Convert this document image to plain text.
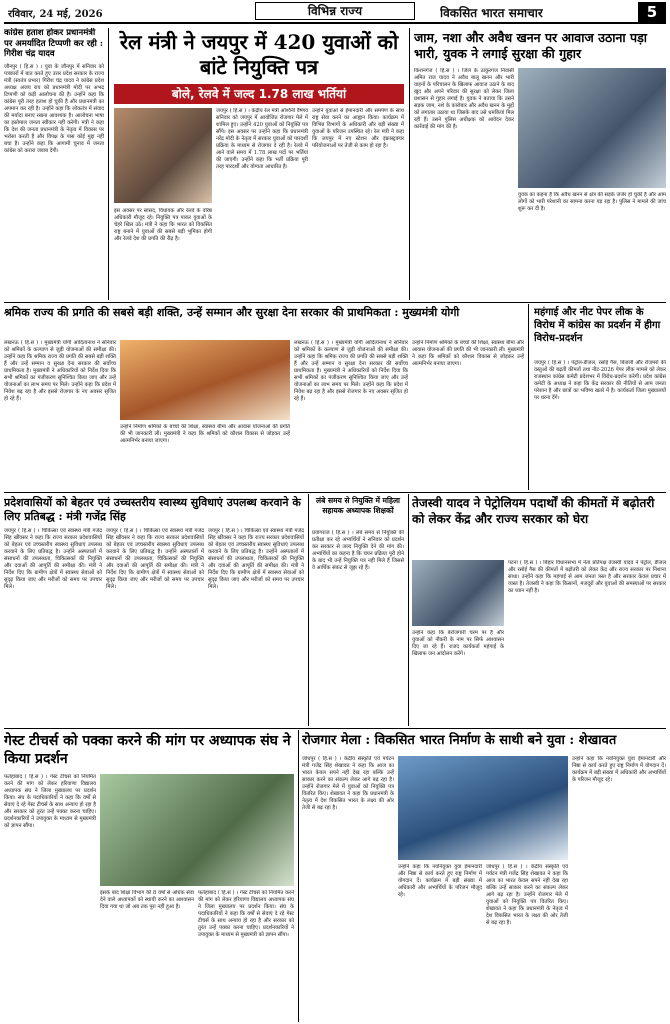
रविवार, 24 मई, 2026	विभिन्न राज्य	विकसित भारत समाचार	5
कांग्रेस हताश होकर प्रधानमंत्री पर अमर्यादित टिप्पणी कर रही : गिरीश चंद्र यादव
जौनपुर ( हि.स ) । युवा के जौनपुर में सनिवार को पत्रकारों में बात करते हुए उत्तर प्रदेश सरकार के राज्य मंत्री (स्वतंत्र प्रभार) गिरीश चंद्र यादव ने कांग्रेस प्रदेश अध्यक्ष अजय राय को प्रधानमंत्री मोदी पर अभद्र टिप्पणी को कड़ी आलोचना की है। उन्होंने कहा कि कांग्रेस पूरी तरह हताश हो चुकी है और प्रधानमंत्री का अपमान कर रही है। उन्होंने कहा कि लोकतंत्र में संवाद की मर्यादा बनाए रखना आवश्यक है। आलोचना भाषा का इस्तेमाल जनता स्वीकार नहीं करेगी। मंत्री ने कहा कि देश की जनता प्रधानमंत्री के नेतृत्व में विकास पर भरोसा करती है और विपक्ष के पास कोई मुद्दा नहीं बचा है। उन्होंने कहा कि आगामी चुनाव में जनता कांग्रेस को करारा जवाब देगी।
रेल मंत्री ने जयपुर में 420 युवाओं को बांटे नियुक्ति पत्र
बोले, रेलवे में जल्द 1.78 लाख भर्तियां
जयपुर ( हि.स ) । केंद्रीय रेल मंत्री अश्विनी वैष्णव सनिवार को जयपुर में आयोजित रोजगार मेले में शामिल हुए। उन्होंने 420 युवाओं को नियुक्ति पत्र सौंपे। इस अवसर पर उन्होंने कहा कि प्रधानमंत्री नरेंद्र मोदी के नेतृत्व में सरकार युवाओं को पारदर्शी प्रक्रिया के माध्यम से रोजगार दे रही है। रेलवे में आने वाले समय में 1.78 लाख पदों पर भर्तियां की जाएंगी। उन्होंने कहा कि भर्ती प्रक्रिया पूरी तरह पारदर्शी और योग्यता आधारित है।
उन्होंने युवाओं से ईमानदारी और समर्पण के साथ राष्ट्र सेवा करने का आह्वान किया। कार्यक्रम में विभिन्न विभागों के अधिकारी और बड़ी संख्या में युवाओं के परिजन उपस्थित रहे। रेल मंत्री ने कहा कि जयपुर में नए स्टेशन और इंफ्रास्ट्रक्चर परियोजनाओं पर तेजी से काम हो रहा है।
इस अवसर पर सांसद, विधायक और रेलवे के वरिष्ठ अधिकारी मौजूद रहे। नियुक्ति पत्र पाकर युवाओं के चेहरे खिल उठे। मंत्री ने कहा कि भारत को विकसित राष्ट्र बनाने में युवाओं की सबसे बड़ी भूमिका होगी और रेलवे देश की प्रगति की रीढ़ है।
जाम, नशा और अवैध खनन पर आवाज उठाना पड़ा भारी, युवक ने लगाई सुरक्षा की गुहार
किशनगंज ( हि.स ) । जिले के ठाकुरगंज निवासी अमित राज यादव ने अवैध बालू खनन और भारी वाहनों के परिचालन के खिलाफ आवाज उठाने के बाद खुद और अपने परिवार की सुरक्षा को लेकर जिला प्रशासन से गुहार लगाई है। युवक ने बताया कि उसने सड़क जाम, नशे के कारोबार और अवैध खनन के मुद्दों को लगातार उठाया था जिसके बाद उसे धमकियां मिल रही हैं। उसने पुलिस अधीक्षक को आवेदन देकर कार्रवाई की मांग की है।
युवक का कहना है कि अवैध खनन से क्षेत्र की सड़कें जर्जर हो चुकी हैं और आम लोगों को भारी परेशानी का सामना करना पड़ रहा है। पुलिस ने मामले की जांच शुरू कर दी है।
श्रमिक राज्य की प्रगति की सबसे बड़ी शक्ति, उन्हें सम्मान और सुरक्षा देना सरकार की प्राथमिकता : मुख्यमंत्री योगी
लखनऊ ( हि.स ) । मुख्यमंत्री योगी आदित्यनाथ ने सनिवार को श्रमिकों के कल्याण से जुड़ी योजनाओं की समीक्षा की। उन्होंने कहा कि श्रमिक राज्य की प्रगति की सबसे बड़ी शक्ति हैं और उन्हें सम्मान व सुरक्षा देना सरकार की सर्वोच्च प्राथमिकता है। मुख्यमंत्री ने अधिकारियों को निर्देश दिया कि सभी श्रमिकों का पंजीकरण सुनिश्चित किया जाए और उन्हें योजनाओं का लाभ समय पर मिले। उन्होंने कहा कि प्रदेश में निवेश बढ़ रहा है और इससे रोजगार के नए अवसर सृजित हो रहे हैं।
उन्होंने निर्माण श्रमिकों के बच्चों की शिक्षा, स्वास्थ्य बीमा और आवास योजनाओं की प्रगति की भी जानकारी ली। मुख्यमंत्री ने कहा कि श्रमिकों को कौशल विकास से जोड़कर उन्हें आत्मनिर्भर बनाया जाएगा।
लखनऊ ( हि.स ) । मुख्यमंत्री योगी आदित्यनाथ ने सनिवार को श्रमिकों के कल्याण से जुड़ी योजनाओं की समीक्षा की। उन्होंने कहा कि श्रमिक राज्य की प्रगति की सबसे बड़ी शक्ति हैं और उन्हें सम्मान व सुरक्षा देना सरकार की सर्वोच्च प्राथमिकता है। मुख्यमंत्री ने अधिकारियों को निर्देश दिया कि सभी श्रमिकों का पंजीकरण सुनिश्चित किया जाए और उन्हें योजनाओं का लाभ समय पर मिले। उन्होंने कहा कि प्रदेश में निवेश बढ़ रहा है और इससे रोजगार के नए अवसर सृजित हो रहे हैं।
उन्होंने निर्माण श्रमिकों के बच्चों की शिक्षा, स्वास्थ्य बीमा और आवास योजनाओं की प्रगति की भी जानकारी ली। मुख्यमंत्री ने कहा कि श्रमिकों को कौशल विकास से जोड़कर उन्हें आत्मनिर्भर बनाया जाएगा।
महंगाई और नीट पेपर लीक के विरोध में कांग्रेस का प्रदर्शन में हीगा विरोध-प्रदर्शन
जयपुर ( हि.स ) । पेट्रोल-डीजल, रसोई गैस, बिजली और रोजमर्रा की वस्तुओं की बढ़ती कीमतों तथा नीट-2026 पेपर लीक मामले को लेकर राजस्थान कांग्रेस कमेटी प्रदेशभर में विरोध-प्रदर्शन करेगी। प्रदेश कांग्रेस कमेटी के अध्यक्ष ने कहा कि केंद्र सरकार की नीतियों से आम जनता परेशान है और छात्रों का भविष्य खतरे में है। कार्यकर्ता जिला मुख्यालयों पर धरना देंगे।
प्रदेशवासियों को बेहतर एवं उच्चस्तरीय स्वास्थ्य सुविधाएं उपलब्ध करवाने के लिए प्रतिबद्ध : मंत्री गजेंद्र सिंह
जयपुर ( हि.स ) । चिकित्सा एवं स्वास्थ्य मंत्री गजेंद्र सिंह खींवसर ने कहा कि राज्य सरकार प्रदेशवासियों को बेहतर एवं उच्चस्तरीय स्वास्थ्य सुविधाएं उपलब्ध करवाने के लिए प्रतिबद्ध है। उन्होंने अस्पतालों में संसाधनों की उपलब्धता, चिकित्सकों की नियुक्ति और दवाओं की आपूर्ति की समीक्षा की। मंत्री ने निर्देश दिए कि ग्रामीण क्षेत्रों में स्वास्थ्य सेवाओं को सुदृढ़ किया जाए और मरीजों को समय पर उपचार मिले।
जयपुर ( हि.स ) । चिकित्सा एवं स्वास्थ्य मंत्री गजेंद्र सिंह खींवसर ने कहा कि राज्य सरकार प्रदेशवासियों को बेहतर एवं उच्चस्तरीय स्वास्थ्य सुविधाएं उपलब्ध करवाने के लिए प्रतिबद्ध है। उन्होंने अस्पतालों में संसाधनों की उपलब्धता, चिकित्सकों की नियुक्ति और दवाओं की आपूर्ति की समीक्षा की। मंत्री ने निर्देश दिए कि ग्रामीण क्षेत्रों में स्वास्थ्य सेवाओं को सुदृढ़ किया जाए और मरीजों को समय पर उपचार मिले।
जयपुर ( हि.स ) । चिकित्सा एवं स्वास्थ्य मंत्री गजेंद्र सिंह खींवसर ने कहा कि राज्य सरकार प्रदेशवासियों को बेहतर एवं उच्चस्तरीय स्वास्थ्य सुविधाएं उपलब्ध करवाने के लिए प्रतिबद्ध है। उन्होंने अस्पतालों में संसाधनों की उपलब्धता, चिकित्सकों की नियुक्ति और दवाओं की आपूर्ति की समीक्षा की। मंत्री ने निर्देश दिए कि ग्रामीण क्षेत्रों में स्वास्थ्य सेवाओं को सुदृढ़ किया जाए और मरीजों को समय पर उपचार मिले।
लंबे समय से नियुक्ति में महिला सहायक अध्यापक शिक्षकों
प्रयागराज ( हि.स ) । लंबे समय से नियुक्ति की प्रतीक्षा कर रहे अभ्यर्थियों ने सनिवार को प्रदर्शन कर सरकार से जल्द नियुक्ति देने की मांग की। अभ्यर्थियों का कहना है कि चयन प्रक्रिया पूरी होने के बाद भी उन्हें नियुक्ति पत्र नहीं मिले हैं जिससे वे आर्थिक संकट से जूझ रहे हैं।
तेजस्वी यादव ने पेट्रोलियम पदार्थों की कीमतों में बढ़ोतरी को लेकर केंद्र और राज्य सरकार को घेरा
पटना ( हि.स ) । बिहार विधानसभा में नेता प्रतिपक्ष तेजस्वी यादव ने पेट्रोल, डीजल और रसोई गैस की कीमतों में बढ़ोतरी को लेकर केंद्र और राज्य सरकार पर निशाना साधा। उन्होंने कहा कि महंगाई से आम जनता त्रस्त है और सरकार केवल प्रचार में व्यस्त है। तेजस्वी ने कहा कि किसानों, मजदूरों और युवाओं की समस्याओं पर सरकार का ध्यान नहीं है।
उन्होंने कहा कि बेरोजगारी चरम पर है और युवाओं को नौकरी के नाम पर सिर्फ आश्वासन दिए जा रहे हैं। राजद कार्यकर्ता महंगाई के खिलाफ जन आंदोलन करेंगे।
गेस्ट टीचर्स को पक्का करने की मांग पर अध्यापक संघ ने किया प्रदर्शन
फतेहाबाद ( हि.स ) । गेस्ट टीचर्स को नियमित करने की मांग को लेकर हरियाणा विद्यालय अध्यापक संघ ने जिला मुख्यालय पर प्रदर्शन किया। संघ के पदाधिकारियों ने कहा कि वर्षों से सेवाएं दे रहे गेस्ट टीचर्स के साथ अन्याय हो रहा है और सरकार को तुरंत उन्हें पक्का करना चाहिए। प्रदर्शनकारियों ने उपायुक्त के माध्यम से मुख्यमंत्री को ज्ञापन सौंपा।
इसके बाद शिक्षा विभाग की 8 वर्षों से अधिक सेवा देने वाले अध्यापकों को स्थायी करने का आश्वासन दिया गया था जो अब तक पूरा नहीं हुआ है।
फतेहाबाद ( हि.स ) । गेस्ट टीचर्स को नियमित करने की मांग को लेकर हरियाणा विद्यालय अध्यापक संघ ने जिला मुख्यालय पर प्रदर्शन किया। संघ के पदाधिकारियों ने कहा कि वर्षों से सेवाएं दे रहे गेस्ट टीचर्स के साथ अन्याय हो रहा है और सरकार को तुरंत उन्हें पक्का करना चाहिए। प्रदर्शनकारियों ने उपायुक्त के माध्यम से मुख्यमंत्री को ज्ञापन सौंपा।
रोजगार मेला : विकसित भारत निर्माण के साथी बने युवा : शेखावत
जोधपुर ( हि.स ) । केंद्रीय संस्कृति एवं पर्यटन मंत्री गजेंद्र सिंह शेखावत ने कहा कि आज का भारत केवल सपने नहीं देख रहा बल्कि उन्हें साकार करने का संकल्प लेकर आगे बढ़ रहा है। उन्होंने रोजगार मेले में युवाओं को नियुक्ति पत्र वितरित किए। शेखावत ने कहा कि प्रधानमंत्री के नेतृत्व में देश विकसित भारत के लक्ष्य की ओर तेजी से बढ़ रहा है।
उन्होंने कहा कि नवनियुक्त युवा ईमानदारी और निष्ठा से कार्य करते हुए राष्ट्र निर्माण में योगदान दें। कार्यक्रम में बड़ी संख्या में अधिकारी और अभ्यर्थियों के परिजन मौजूद रहे।
जोधपुर ( हि.स ) । केंद्रीय संस्कृति एवं पर्यटन मंत्री गजेंद्र सिंह शेखावत ने कहा कि आज का भारत केवल सपने नहीं देख रहा बल्कि उन्हें साकार करने का संकल्प लेकर आगे बढ़ रहा है। उन्होंने रोजगार मेले में युवाओं को नियुक्ति पत्र वितरित किए। शेखावत ने कहा कि प्रधानमंत्री के नेतृत्व में देश विकसित भारत के लक्ष्य की ओर तेजी से बढ़ रहा है।
उन्होंने कहा कि नवनियुक्त युवा ईमानदारी और निष्ठा से कार्य करते हुए राष्ट्र निर्माण में योगदान दें। कार्यक्रम में बड़ी संख्या में अधिकारी और अभ्यर्थियों के परिजन मौजूद रहे।
